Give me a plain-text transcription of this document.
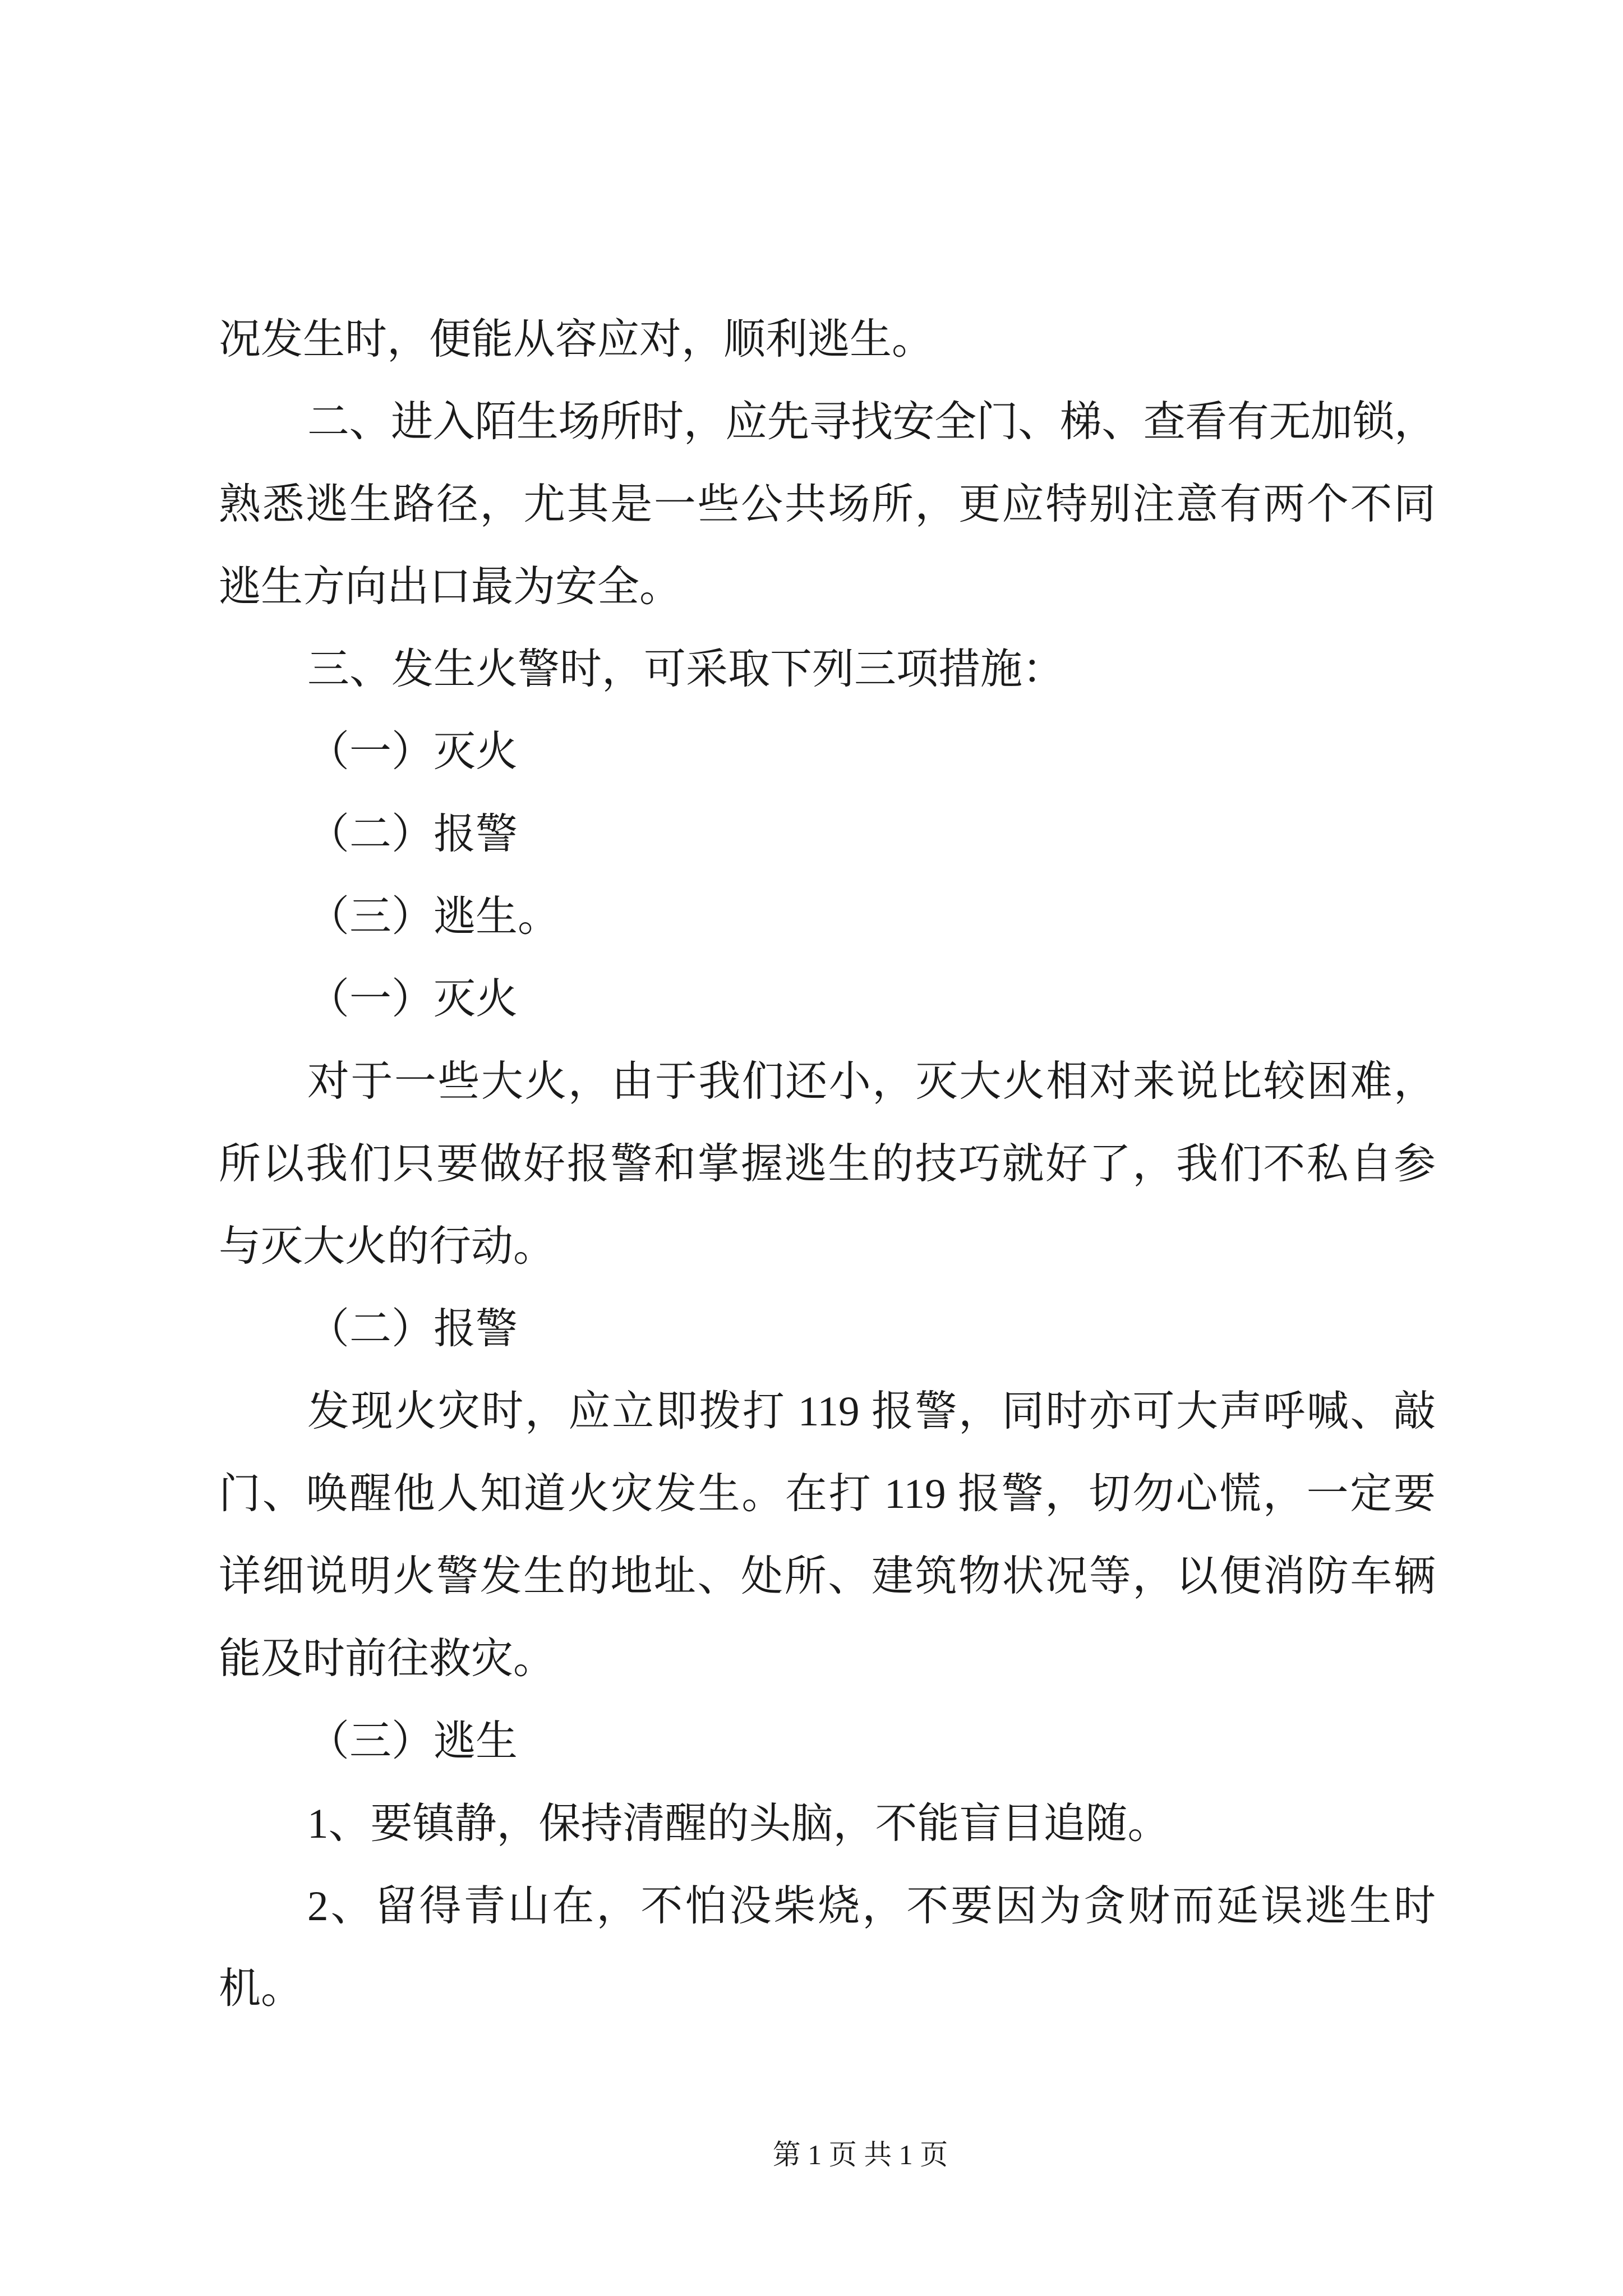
况发生时，便能从容应对，顺利逃生。
二、进入陌生场所时，应先寻找安全门、梯、查看有无加锁，
熟悉逃生路径，尤其是一些公共场所，更应特别注意有两个不同
逃生方向出口最为安全。
三、发生火警时，可采取下列三项措施：
（一）灭火
（二）报警
（三）逃生。
（一）灭火
对于一些大火，由于我们还小，灭大火相对来说比较困难，
所以我们只要做好报警和掌握逃生的技巧就好了，我们不私自参
与灭大火的行动。
（二）报警
发现火灾时，应立即拨打 119 报警，同时亦可大声呼喊、敲
门、唤醒他人知道火灾发生。在打 119 报警，切勿心慌，一定要
详细说明火警发生的地址、处所、建筑物状况等，以便消防车辆
能及时前往救灾。
（三）逃生
1、要镇静，保持清醒的头脑，不能盲目追随。
2、留得青山在，不怕没柴烧，不要因为贪财而延误逃生时
机。
第 1 页 共 1 页
